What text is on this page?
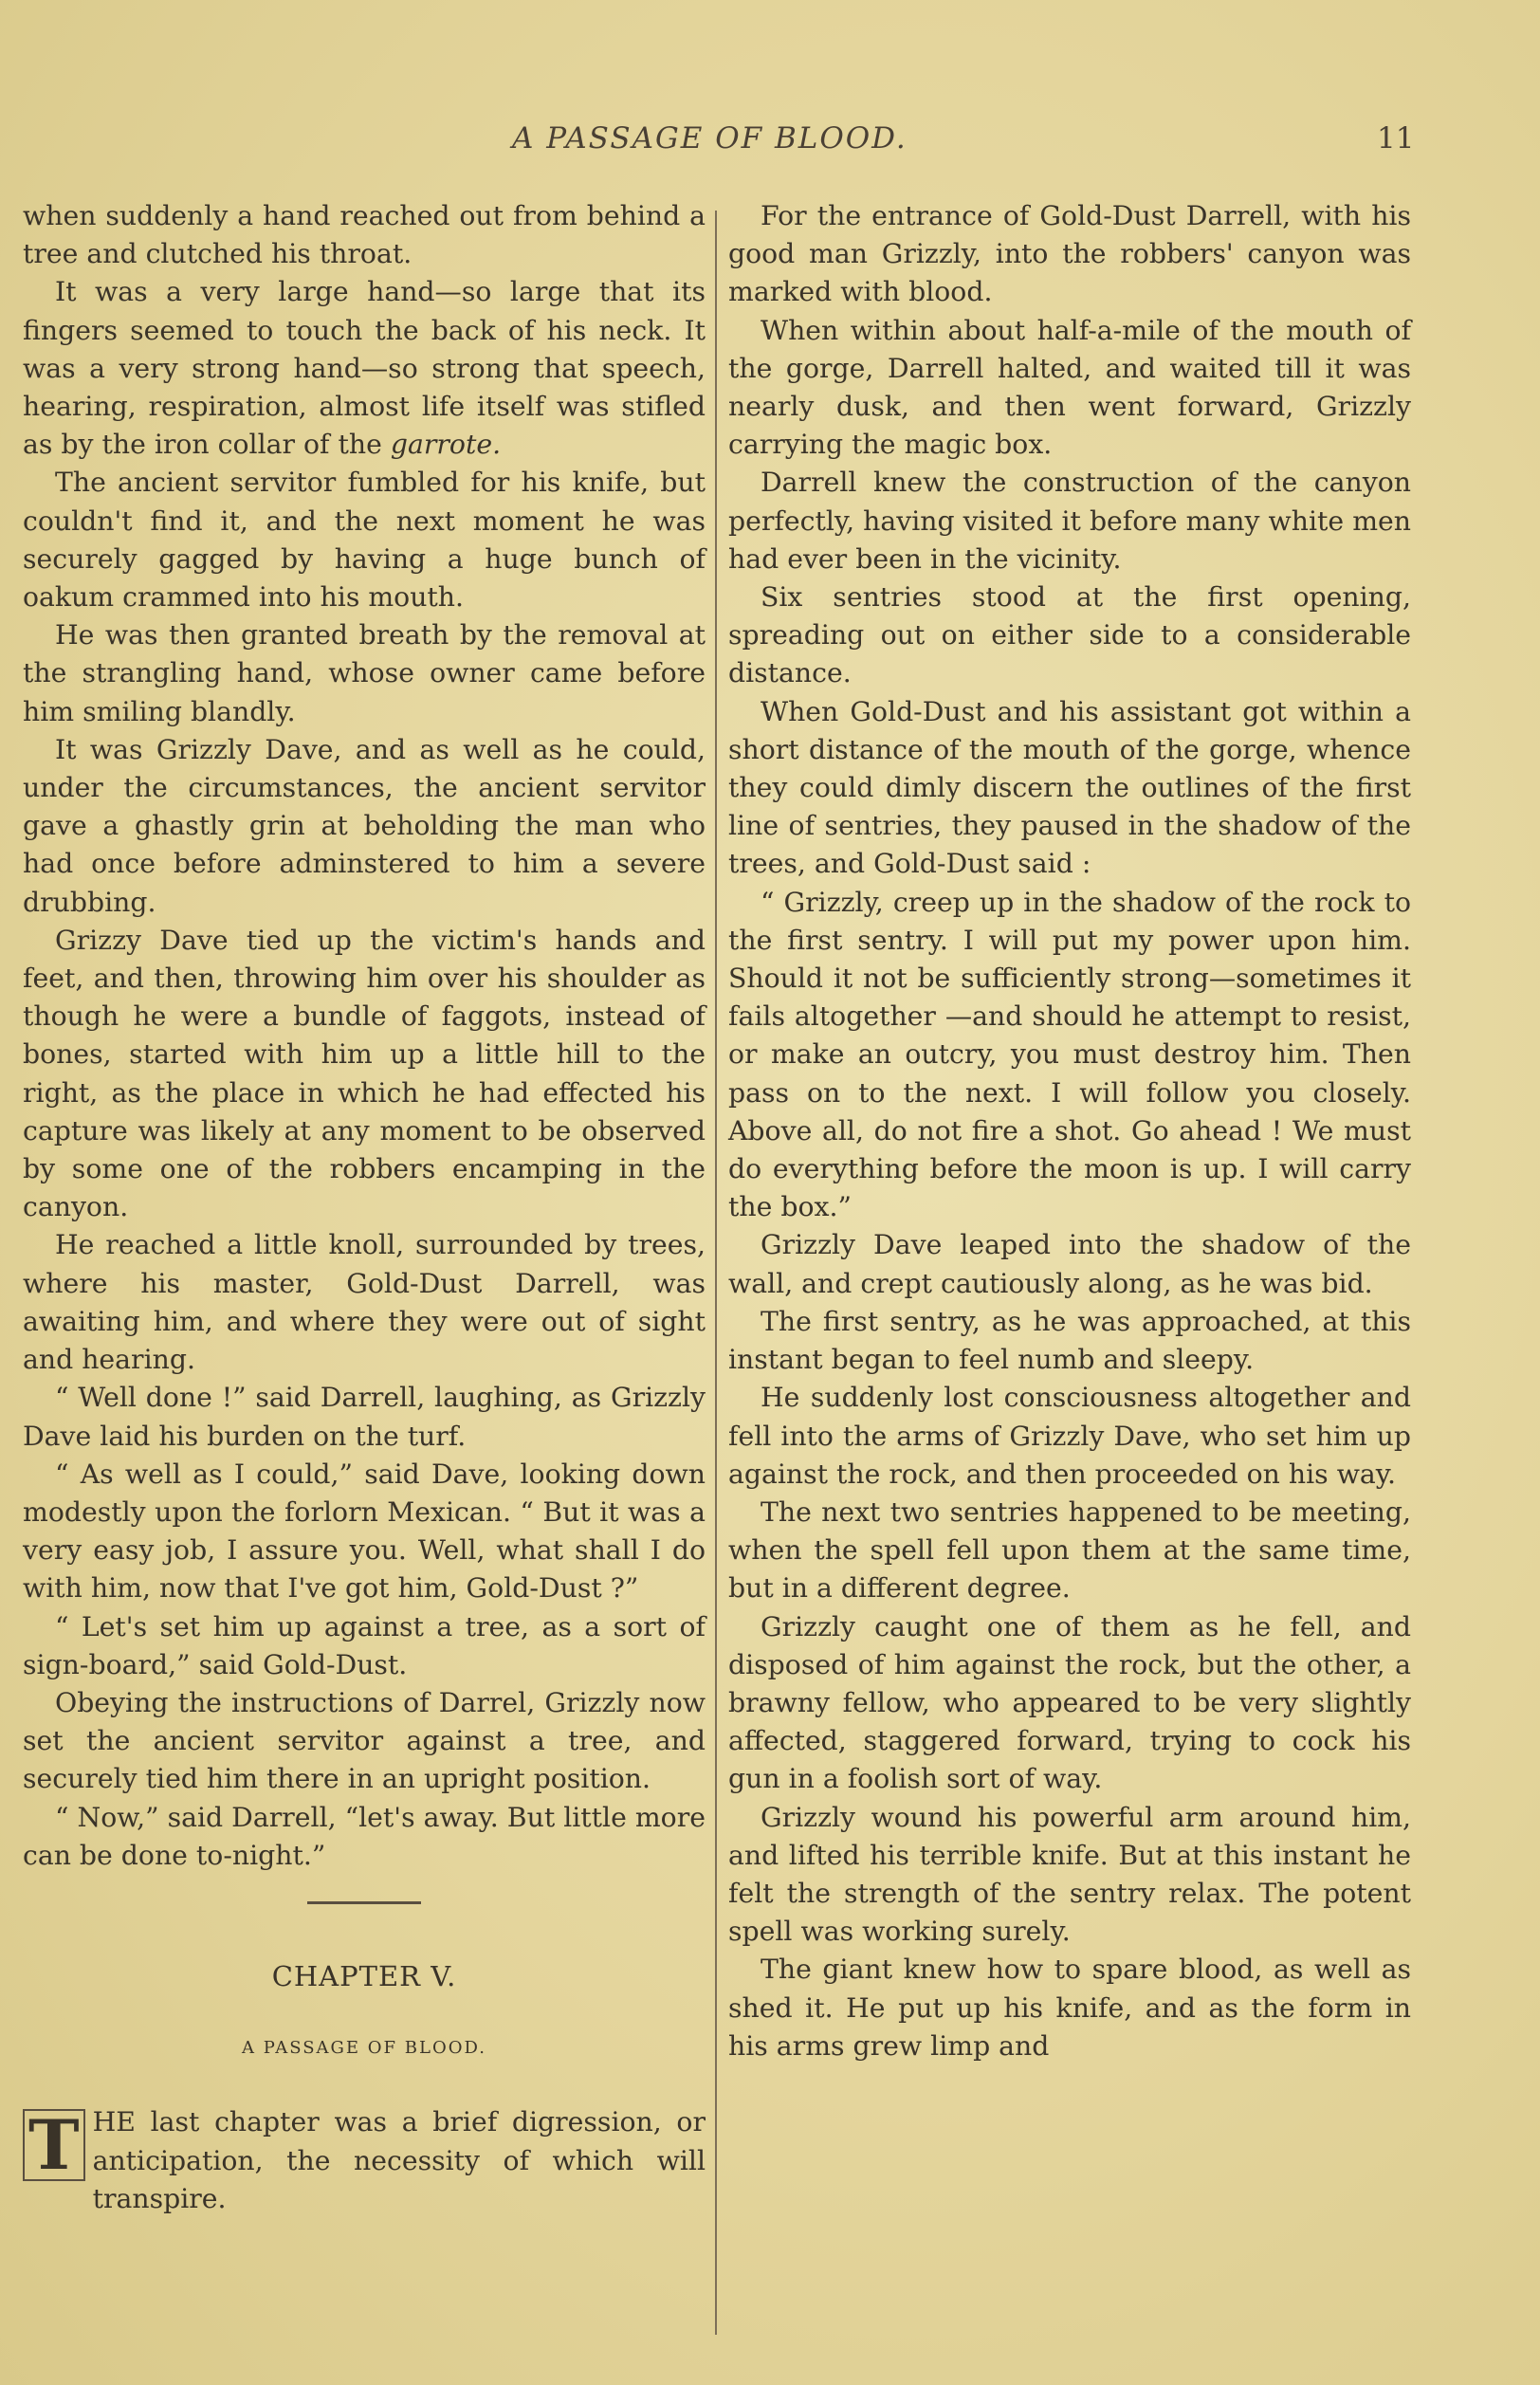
A PASSAGE OF BLOOD.	11

when suddenly a hand reached out from behind a tree and clutched his throat.

It was a very large hand—so large that its fingers seemed to touch the back of his neck. It was a very strong hand—so strong that speech, hearing, respiration, almost life itself was stifled as by the iron collar of the garrote.

The ancient servitor fumbled for his knife, but couldn't find it, and the next moment he was securely gagged by having a huge bunch of oakum crammed into his mouth.

He was then granted breath by the removal at the strangling hand, whose owner came before him smiling blandly.

It was Grizzly Dave, and as well as he could, under the circumstances, the ancient servitor gave a ghastly grin at beholding the man who had once before adminstered to him a severe drubbing.

Grizzy Dave tied up the victim's hands and feet, and then, throwing him over his shoulder as though he were a bundle of faggots, instead of bones, started with him up a little hill to the right, as the place in which he had effected his capture was likely at any moment to be observed by some one of the robbers encamping in the canyon.

He reached a little knoll, surrounded by trees, where his master, Gold-Dust Darrell, was awaiting him, and where they were out of sight and hearing.

“ Well done !” said Darrell, laughing, as Grizzly Dave laid his burden on the turf.

“ As well as I could,” said Dave, looking down modestly upon the forlorn Mexican. “ But it was a very easy job, I assure you. Well, what shall I do with him, now that I've got him, Gold-Dust ?”

“ Let's set him up against a tree, as a sort of sign-board,” said Gold-Dust.

Obeying the instructions of Darrel, Grizzly now set the ancient servitor against a tree, and securely tied him there in an upright position.

“ Now,” said Darrell, “let's away. But little more can be done to-night.”

CHAPTER V.

A PASSAGE OF BLOOD.

T HE last chapter was a brief digression, or anticipation, the necessity of which will transpire.

For the entrance of Gold-Dust Darrell, with his good man Grizzly, into the robbers' canyon was marked with blood.

When within about half-a-mile of the mouth of the gorge, Darrell halted, and waited till it was nearly dusk, and then went forward, Grizzly carrying the magic box.

Darrell knew the construction of the canyon perfectly, having visited it before many white men had ever been in the vicinity.

Six sentries stood at the first opening, spreading out on either side to a considerable distance.

When Gold-Dust and his assistant got within a short distance of the mouth of the gorge, whence they could dimly discern the outlines of the first line of sentries, they paused in the shadow of the trees, and Gold-Dust said :

“ Grizzly, creep up in the shadow of the rock to the first sentry. I will put my power upon him. Should it not be sufficiently strong—sometimes it fails altogether —and should he attempt to resist, or make an outcry, you must destroy him. Then pass on to the next. I will follow you closely. Above all, do not fire a shot. Go ahead ! We must do everything before the moon is up. I will carry the box.”

Grizzly Dave leaped into the shadow of the wall, and crept cautiously along, as he was bid.

The first sentry, as he was approached, at this instant began to feel numb and sleepy.

He suddenly lost consciousness altogether and fell into the arms of Grizzly Dave, who set him up against the rock, and then proceeded on his way.

The next two sentries happened to be meeting, when the spell fell upon them at the same time, but in a different degree.

Grizzly caught one of them as he fell, and disposed of him against the rock, but the other, a brawny fellow, who appeared to be very slightly affected, staggered forward, trying to cock his gun in a foolish sort of way.

Grizzly wound his powerful arm around him, and lifted his terrible knife. But at this instant he felt the strength of the sentry relax. The potent spell was working surely.

The giant knew how to spare blood, as well as shed it. He put up his knife, and as the form in his arms grew limp and
